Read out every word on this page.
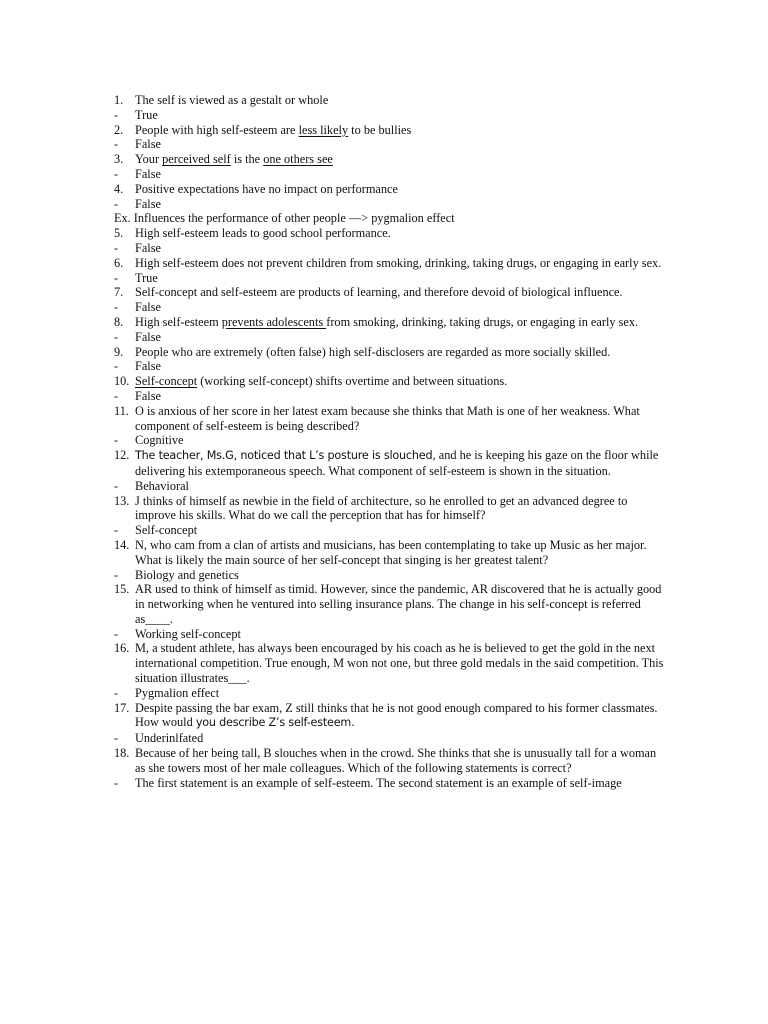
1. The self is viewed as a gestalt or whole
-	True
2. People with high self-esteem are less likely to be bullies
-	False
3. Your perceived self is the one others see
-	False
4. Positive expectations have no impact on performance
-	False
Ex. Influences the performance of other people —> pygmalion effect
5. High self-esteem leads to good school performance.
-	False
6. High self-esteem does not prevent children from smoking, drinking, taking drugs, or engaging in early sex.
-	True
7. Self-concept and self-esteem are products of learning, and therefore devoid of biological influence.
-	False
8. High self-esteem prevents adolescents from smoking, drinking, taking drugs, or engaging in early sex.
-	False
9. People who are extremely (often false) high self-disclosers are regarded as more socially skilled.
-	False
10. Self-concept (working self-concept) shifts overtime and between situations.
-	False
11. O is anxious of her score in her latest exam because she thinks that Math is one of her weakness. What
component of self-esteem is being described?
-	Cognitive
12. The teacher, Ms.G, noticed that L’s posture is slouched, and he is keeping his gaze on the floor while
delivering his extemporaneous speech. What component of self-esteem is shown in the situation.
-	Behavioral
13. J thinks of himself as newbie in the field of architecture, so he enrolled to get an advanced degree to
improve his skills. What do we call the perception that has for himself?
-	Self-concept
14. N, who cam from a clan of artists and musicians, has been contemplating to take up Music as her major.
What is likely the main source of her self-concept that singing is her greatest talent?
-	Biology and genetics
15. AR used to think of himself as timid. However, since the pandemic, AR discovered that he is actually good
in networking when he ventured into selling insurance plans. The change in his self-concept is referred
as____.
-	Working self-concept
16. M, a student athlete, has always been encouraged by his coach as he is believed to get the gold in the next
international competition. True enough, M won not one, but three gold medals in the said competition. This
situation illustrates___.
-	Pygmalion effect
17. Despite passing the bar exam, Z still thinks that he is not good enough compared to his former classmates.
How would you describe Z’s self-esteem.
-	Underinlfated
18. Because of her being tall, B slouches when in the crowd. She thinks that she is unusually tall for a woman
as she towers most of her male colleagues. Which of the following statements is correct?
-	The first statement is an example of self-esteem. The second statement is an example of self-image
